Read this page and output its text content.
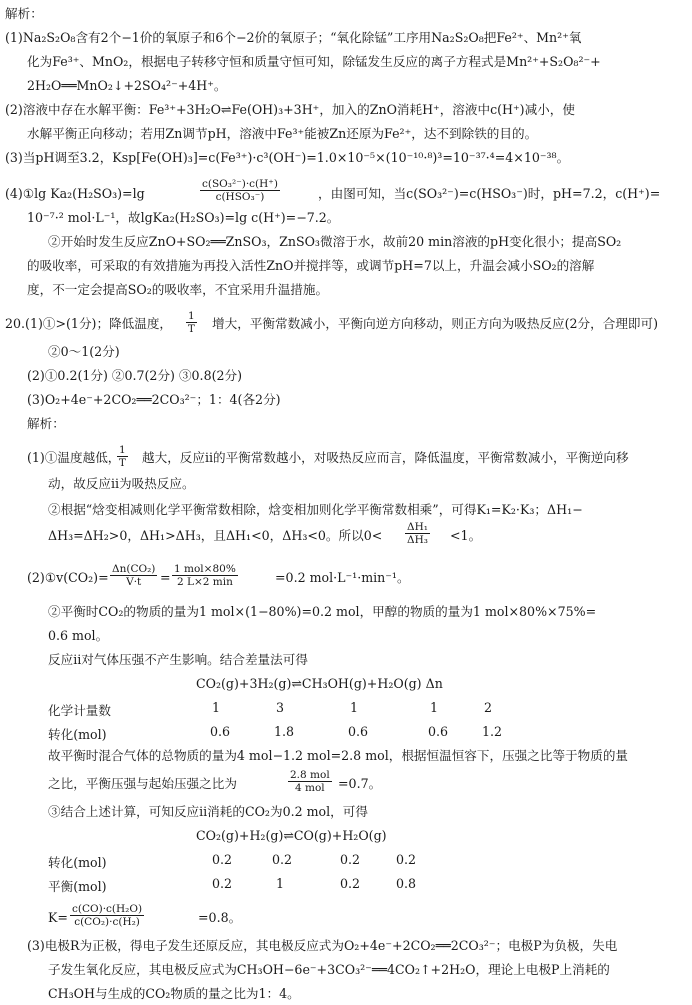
解析：
(1)Na₂S₂O₈含有2个−1价的氧原子和6个−2价的氧原子；“氧化除锰”工序用Na₂S₂O₈把Fe²⁺、Mn²⁺氧
化为Fe³⁺、MnO₂，根据电子转移守恒和质量守恒可知，除锰发生反应的离子方程式是Mn²⁺+S₂O₈²⁻+
2H₂O══MnO₂↓+2SO₄²⁻+4H⁺。
(2)溶液中存在水解平衡：Fe³⁺+3H₂O⇌Fe(OH)₃+3H⁺，加入的ZnO消耗H⁺，溶液中c(H⁺)减小，使
水解平衡正向移动；若用Zn调节pH，溶液中Fe³⁺能被Zn还原为Fe²⁺，达不到除铁的目的。
(3)当pH调至3.2，Ksp[Fe(OH)₃]=c(Fe³⁺)·c³(OH⁻)=1.0×10⁻⁵×(10⁻¹⁰·⁸)³=10⁻³⁷·⁴=4×10⁻³⁸。
(4)①lg Ka₂(H₂SO₃)=lg	，由图可知，当c(SO₃²⁻)=c(HSO₃⁻)时，pH=7.2，c(H⁺)=
10⁻⁷·² mol·L⁻¹，故lgKa₂(H₂SO₃)=lg c(H⁺)=−7.2。
②开始时发生反应ZnO+SO₂══ZnSO₃，ZnSO₃微溶于水，故前20 min溶液的pH变化很小；提高SO₂
的吸收率，可采取的有效措施为再投入活性ZnO并搅拌等，或调节pH=7以上，升温会减小SO₂的溶解
度，不一定会提高SO₂的吸收率，不宜采用升温措施。
20.(1)①>(1分)；降低温度，	增大，平衡常数减小，平衡向逆方向移动，则正方向为吸热反应(2分，合理即可)
②0～1(2分)
(2)①0.2(1分) ②0.7(2分) ③0.8(2分)
(3)O₂+4e⁻+2CO₂══2CO₃²⁻；1：4(各2分)
解析：
(1)①温度越低， 越大，反应ⅱ的平衡常数越小，对吸热反应而言，降低温度，平衡常数减小，平衡逆向移
动，故反应ⅱ为吸热反应。
②根据“焓变相减则化学平衡常数相除，焓变相加则化学平衡常数相乘”，可得K₁=K₂·K₃；ΔH₁−
ΔH₃=ΔH₂>0，ΔH₁>ΔH₃，且ΔH₁<0，ΔH₃<0。所以0<	<1。
(2)①v(CO₂)=	=	=0.2 mol·L⁻¹·min⁻¹。
②平衡时CO₂的物质的量为1 mol×(1−80%)=0.2 mol，甲醇的物质的量为1 mol×80%×75%=
0.6 mol。
反应ⅱ对气体压强不产生影响。结合差量法可得
故平衡时混合气体的总物质的量为4 mol−1.2 mol=2.8 mol，根据恒温恒容下，压强之比等于物质的量
之比，平衡压强与起始压强之比为	=0.7。
③结合上述计算，可知反应ⅱ消耗的CO₂为0.2 mol，可得
K=	=0.8。
(3)电极R为正极，得电子发生还原反应，其电极反应式为O₂+4e⁻+2CO₂══2CO₃²⁻；电极P为负极，失电
子发生氧化反应，其电极反应式为CH₃OH−6e⁻+3CO₃²⁻══4CO₂↑+2H₂O，理论上电极P上消耗的
CH₃OH与生成的CO₂物质的量之比为1：4。
CO₂(g)+3H₂(g)⇌CH₃OH(g)+H₂O(g) Δn
化学计量数	1	3	1	1	2
转化(mol)	0.6	1.8	0.6	0.6	1.2
CO₂(g)+H₂(g)⇌CO(g)+H₂O(g)
转化(mol)	0.2	0.2	0.2	0.2
平衡(mol)	0.2	1	0.2	0.8
c(SO₃²⁻)·c(H⁺)
c(HSO₃⁻)
$\frac{1}{T}$
$\frac{1}{T}$
$\frac{\text{ΔH₁}}{\text{ΔH₃}}$
$\frac{\text{Δn(CO₂)}}{V\cdot t} 1$ mol×80%
2 L×2 min
2.8 mol
4 mol
$\frac{\text{c(CO)·c(H₂O)}}{\text{c(CO₂)·c(H₂)}}$
